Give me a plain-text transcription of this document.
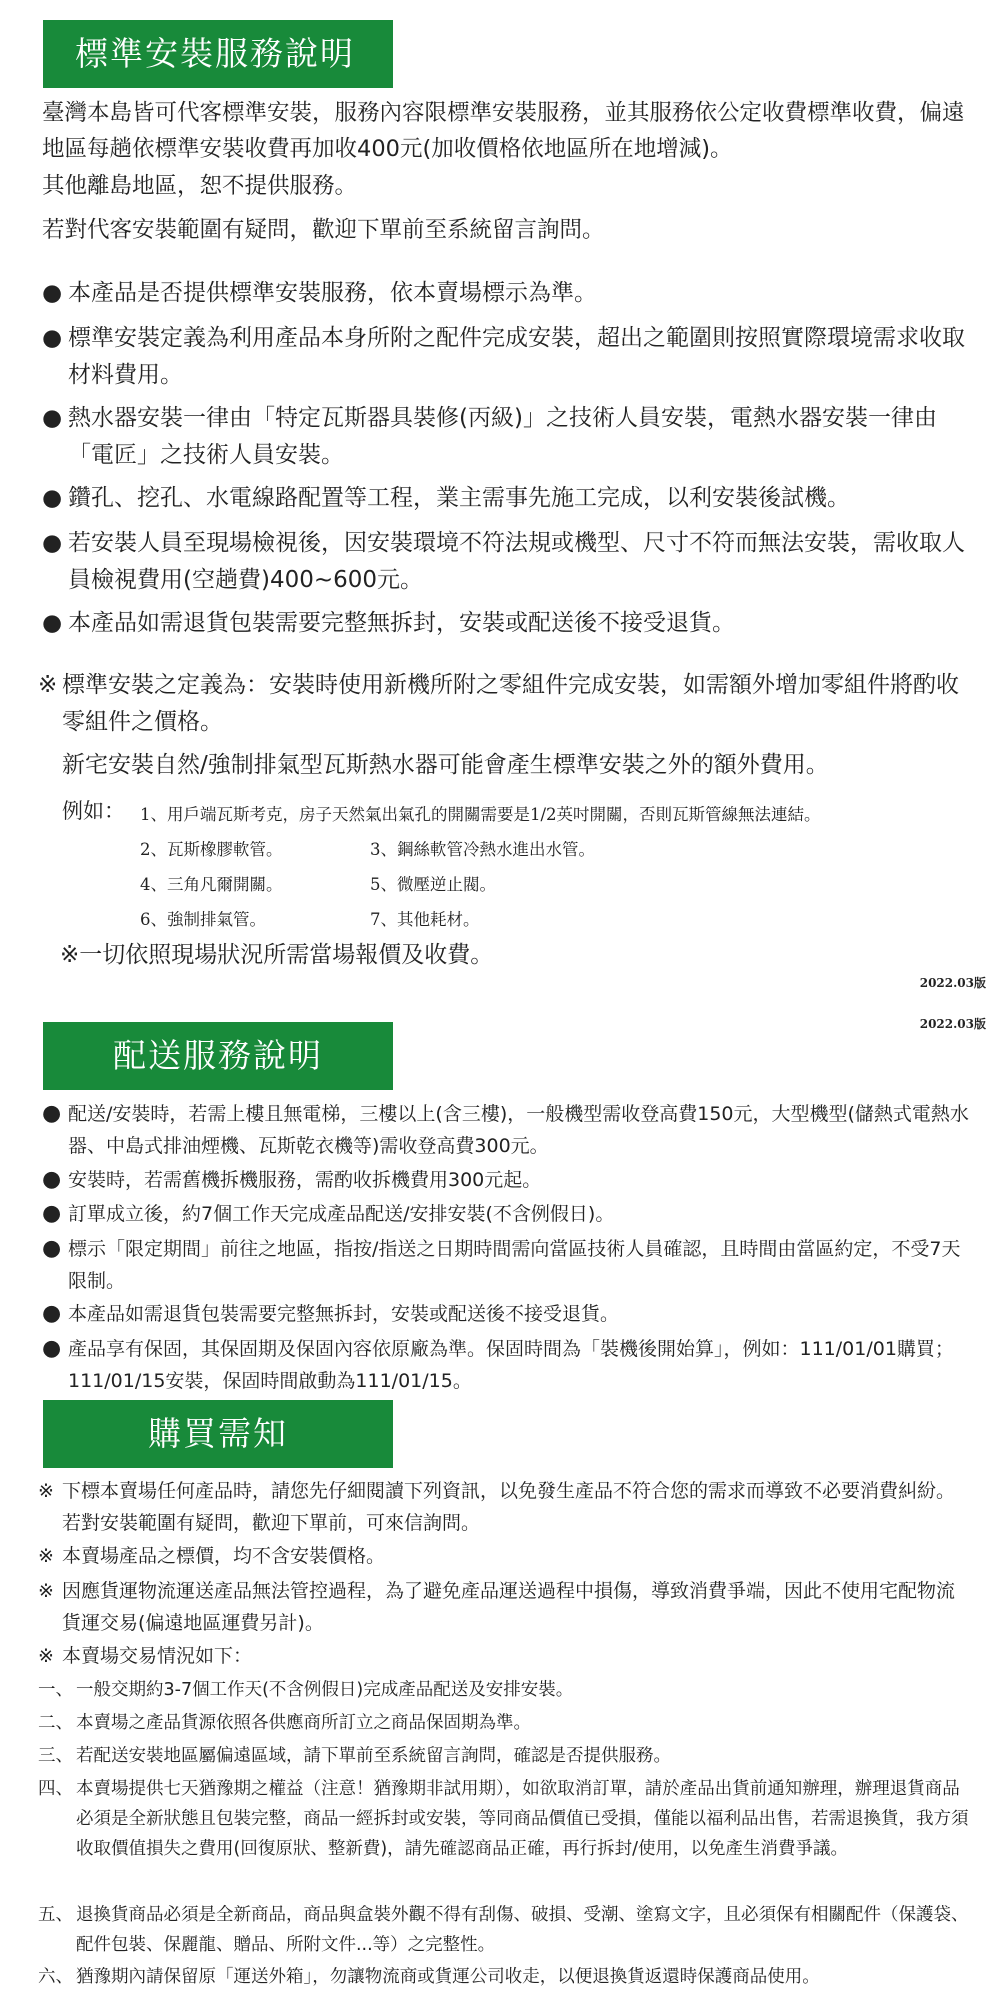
標準安裝服務說明
臺灣本島皆可代客標準安裝，服務內容限標準安裝服務，並其服務依公定收費標準收費，偏遠地區每趟依標準安裝收費再加收400元(加收價格依地區所在地增減)。
其他離島地區，恕不提供服務。
若對代客安裝範圍有疑問，歡迎下單前至系統留言詢問。
● 本產品是否提供標準安裝服務，依本賣場標示為準。
● 標準安裝定義為利用產品本身所附之配件完成安裝，超出之範圍則按照實際環境需求收取材料費用。
● 熱水器安裝一律由「特定瓦斯器具裝修(丙級)」之技術人員安裝，電熱水器安裝一律由「電匠」之技術人員安裝。
● 鑽孔、挖孔、水電線路配置等工程，業主需事先施工完成，以利安裝後試機。
● 若安裝人員至現場檢視後，因安裝環境不符法規或機型、尺寸不符而無法安裝，需收取人員檢視費用(空趟費)400~600元。
● 本產品如需退貨包裝需要完整無拆封，安裝或配送後不接受退貨。
※ 標準安裝之定義為：安裝時使用新機所附之零組件完成安裝，如需額外增加零組件將酌收零組件之價格。
新宅安裝自然/強制排氣型瓦斯熱水器可能會產生標準安裝之外的額外費用。
例如： 1、用戶端瓦斯考克，房子天然氣出氣孔的開關需要是1/2英吋開關，否則瓦斯管線無法連結。
2、瓦斯橡膠軟管。	3、鋼絲軟管冷熱水進出水管。
4、三角凡爾開關。	5、微壓逆止閥。
6、強制排氣管。	7、其他耗材。
※一切依照現場狀況所需當場報價及收費。
2022.03版
2022.03版
配送服務說明
● 配送/安裝時，若需上樓且無電梯，三樓以上(含三樓)，一般機型需收登高費150元，大型機型(儲熱式電熱水器、中島式排油煙機、瓦斯乾衣機等)需收登高費300元。
● 安裝時，若需舊機拆機服務，需酌收拆機費用300元起。
● 訂單成立後，約7個工作天完成產品配送/安排安裝(不含例假日)。
● 標示「限定期間」前往之地區，指按/指送之日期時間需向當區技術人員確認，且時間由當區約定，不受7天限制。
● 本產品如需退貨包裝需要完整無拆封，安裝或配送後不接受退貨。
● 產品享有保固，其保固期及保固內容依原廠為準。保固時間為「裝機後開始算」，例如：111/01/01購買；111/01/15安裝，保固時間啟動為111/01/15。
購買需知
※ 下標本賣場任何產品時，請您先仔細閱讀下列資訊，以免發生產品不符合您的需求而導致不必要消費糾紛。若對安裝範圍有疑問，歡迎下單前，可來信詢問。
※ 本賣場產品之標價，均不含安裝價格。
※ 因應貨運物流運送產品無法管控過程，為了避免產品運送過程中損傷，導致消費爭端，因此不使用宅配物流貨運交易(偏遠地區運費另計)。
※ 本賣場交易情況如下：
一、 一般交期約3-7個工作天(不含例假日)完成產品配送及安排安裝。
二、 本賣場之產品貨源依照各供應商所訂立之商品保固期為準。
三、 若配送安裝地區屬偏遠區域，請下單前至系統留言詢問，確認是否提供服務。
四、 本賣場提供七天猶豫期之權益（注意！猶豫期非試用期），如欲取消訂單，請於產品出貨前通知辦理，辦理退貨商品必須是全新狀態且包裝完整，商品一經拆封或安裝，等同商品價值已受損，僅能以福利品出售，若需退換貨，我方須收取價值損失之費用(回復原狀、整新費)，請先確認商品正確，再行拆封/使用，以免產生消費爭議。
五、 退換貨商品必須是全新商品，商品與盒裝外觀不得有刮傷、破損、受潮、塗寫文字，且必須保有相關配件（保護袋、配件包裝、保麗龍、贈品、所附文件...等）之完整性。
六、 猶豫期內請保留原「運送外箱」，勿讓物流商或貨運公司收走，以便退換貨返還時保護商品使用。
